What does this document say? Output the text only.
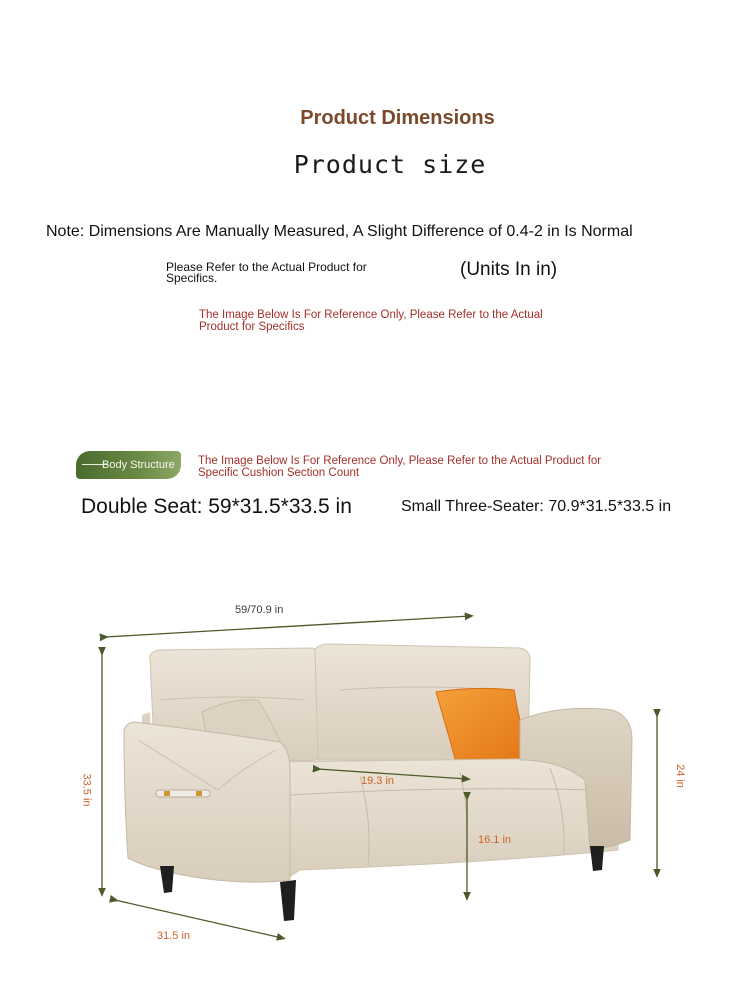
Product Dimensions
Product size
Note: Dimensions Are Manually Measured, A Slight Difference of 0.4-2 in Is Normal
Please Refer to the Actual Product for Specifics.	(Units In in)
The Image Below Is For Reference Only, Please Refer to the Actual Product for Specifics
Body Structure The Image Below Is For Reference Only, Please Refer to the Actual Product for Specific Cushion Section Count
Double Seat: 59*31.5*33.5 in	Small Three-Seater: 70.9*31.5*33.5 in
59/70.9 in
33.5 in	24 in
19.3 in
16.1 in
31.5 in
